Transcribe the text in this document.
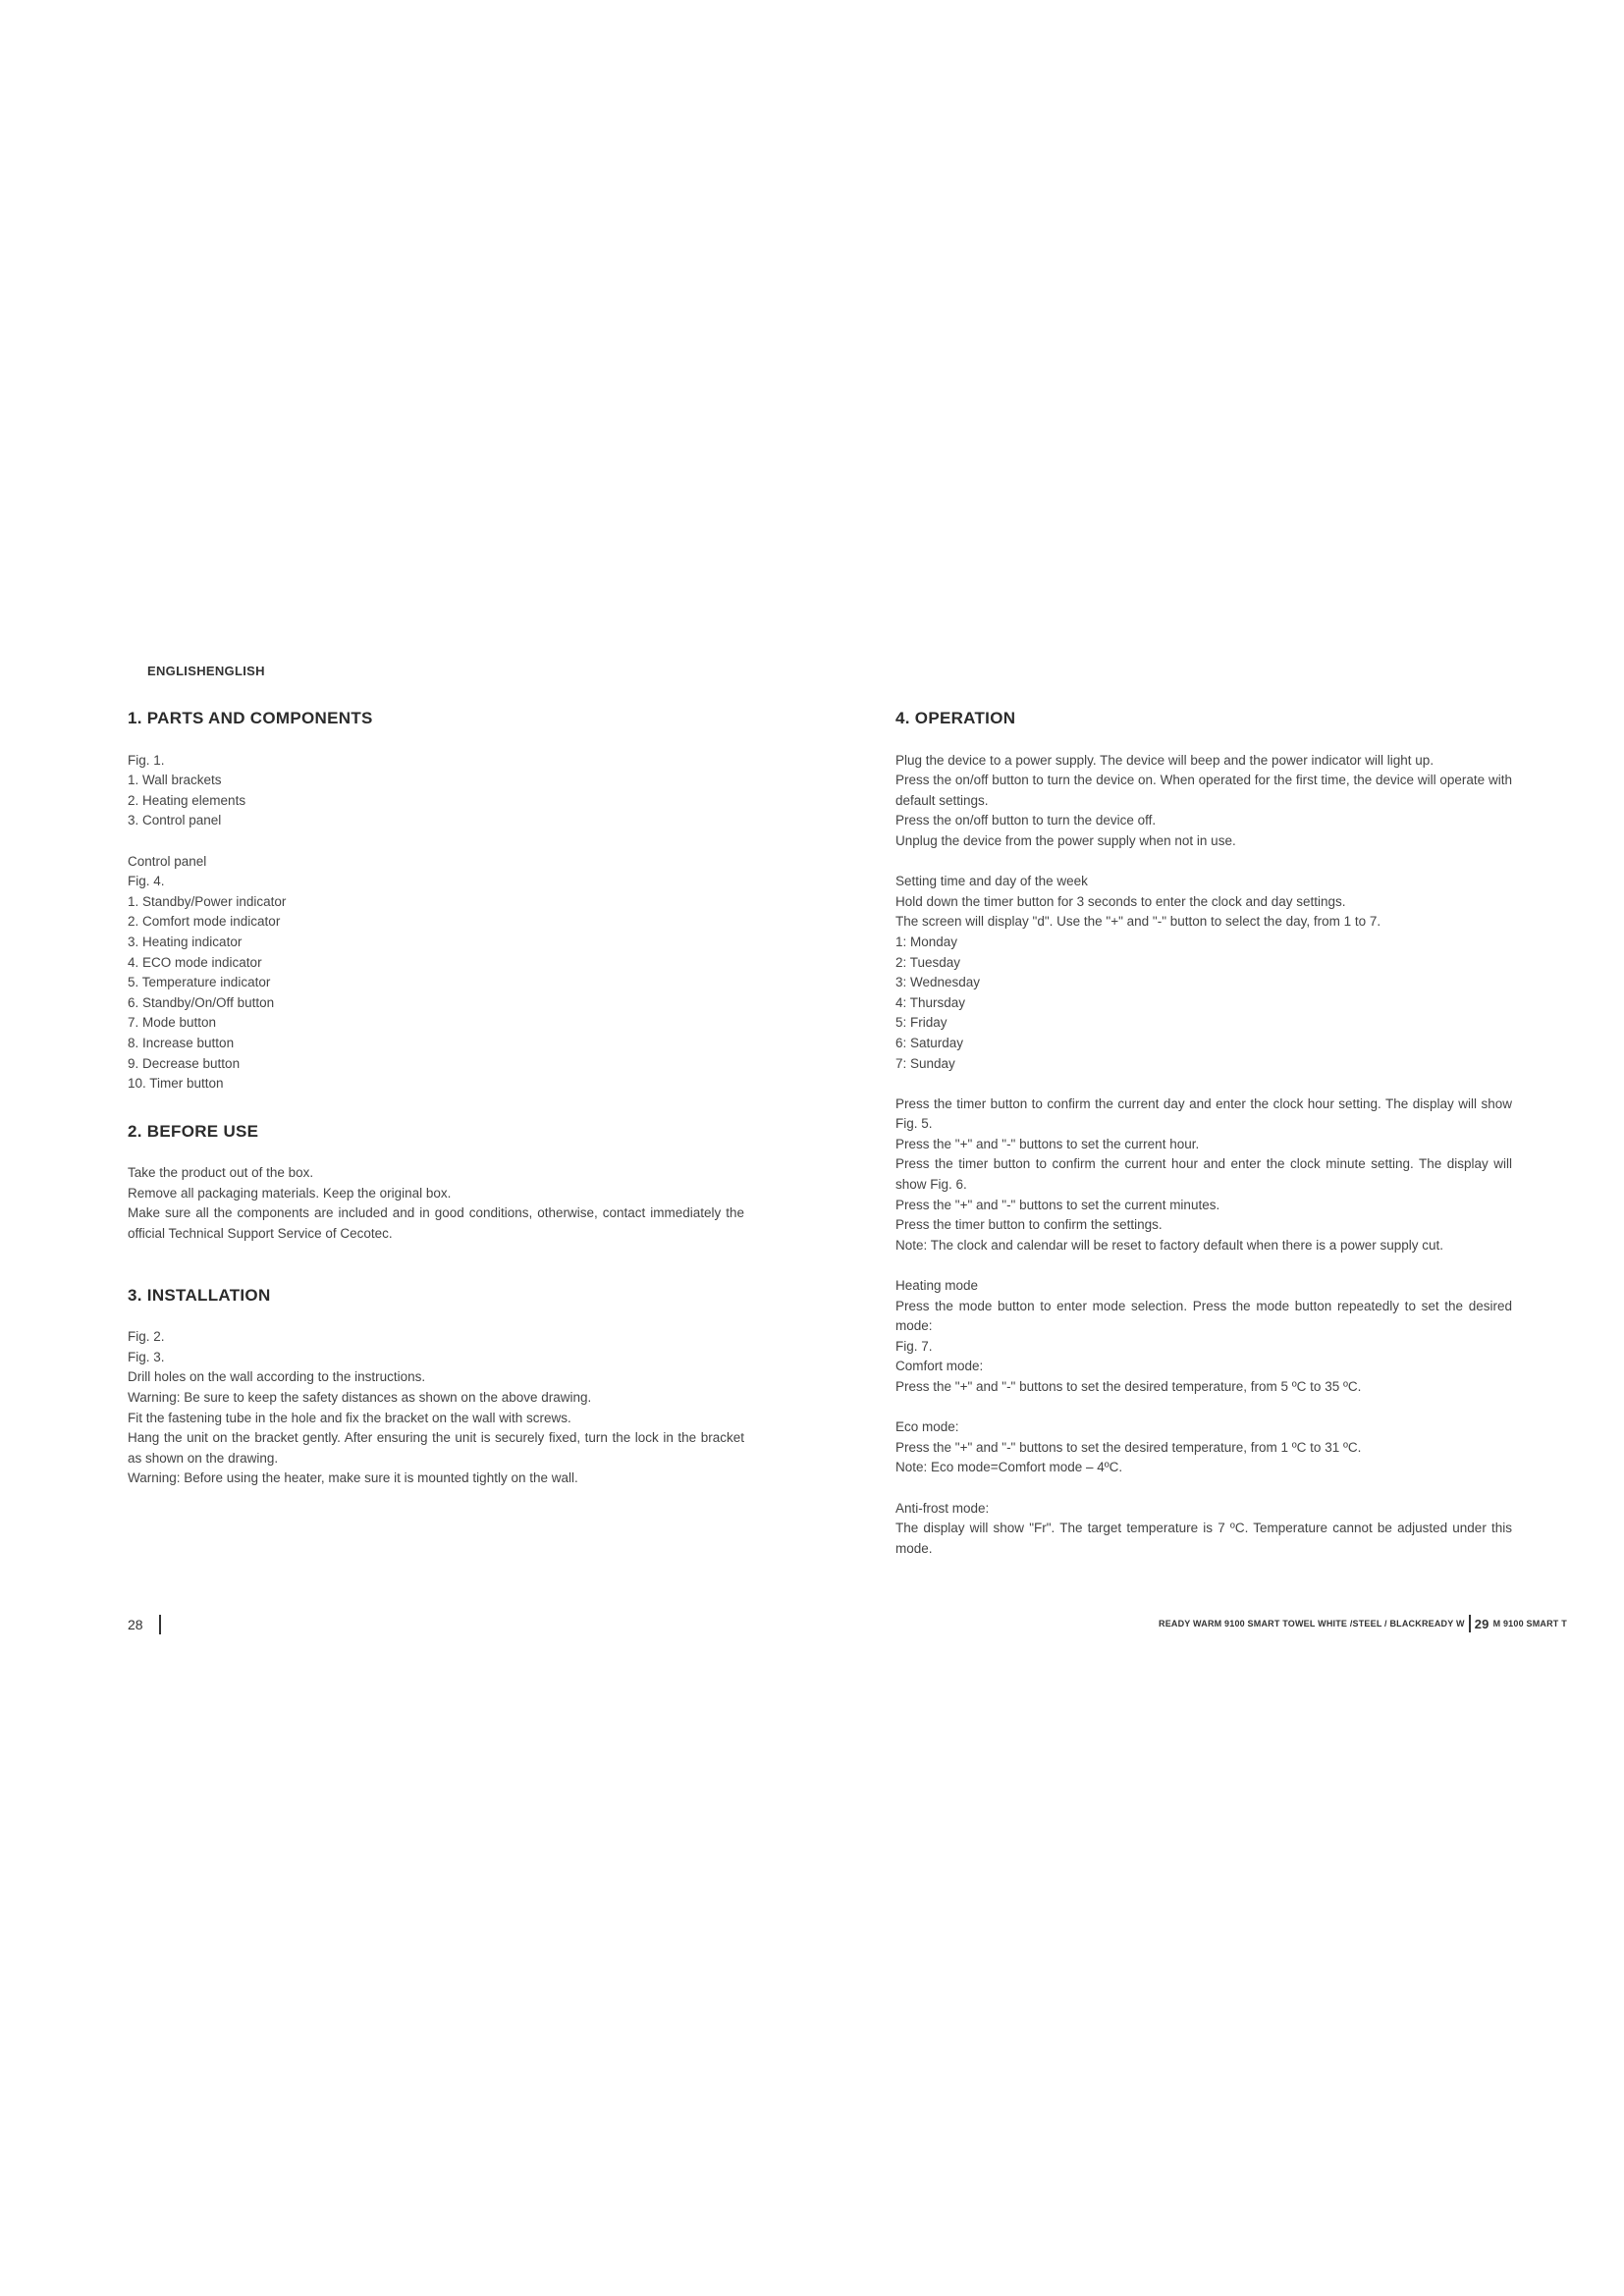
ENGLISHENGLISH
1. PARTS AND COMPONENTS
Fig. 1.
1. Wall brackets
2. Heating elements
3. Control panel
Control panel
Fig. 4.
1. Standby/Power indicator
2. Comfort mode indicator
3. Heating indicator
4. ECO mode indicator
5. Temperature indicator
6. Standby/On/Off button
7. Mode button
8. Increase button
9. Decrease button
10. Timer button
2. BEFORE USE
Take the product out of the box.
Remove all packaging materials. Keep the original box.

Make sure all the components are included and in good conditions, otherwise, contact immediately the official Technical Support Service of Cecotec.

3. INSTALLATION
Fig. 2.
Fig. 3.
Drill holes on the wall according to the instructions.
Warning: Be sure to keep the safety distances as shown on the above drawing.
Fit the fastening tube in the hole and fix the bracket on the wall with screws.

Hang the unit on the bracket gently. After ensuring the unit is securely fixed, turn the lock in the bracket as shown on the drawing.

Warning: Before using the heater, make sure it is mounted tightly on the wall.
4. OPERATION
Plug the device to a power supply. The device will beep and the power indicator will light up.

Press the on/off button to turn the device on. When operated for the first time, the device will operate with default settings.

Press the on/off button to turn the device off.
Unplug the device from the power supply when not in use.
Setting time and day of the week
Hold down the timer button for 3 seconds to enter the clock and day settings.
The screen will display "d". Use the "+" and "-" button to select the day, from 1 to 7.
1: Monday
2: Tuesday
3: Wednesday
4: Thursday
5: Friday
6: Saturday
7: Sunday

Press the timer button to confirm the current day and enter the clock hour setting. The display will show Fig. 5.

Press the "+" and "-" buttons to set the current hour.

Press the timer button to confirm the current hour and enter the clock minute setting. The display will show Fig. 6.

Press the "+" and "-" buttons to set the current minutes.
Press the timer button to confirm the settings.
Note: The clock and calendar will be reset to factory default when there is a power supply cut.
Heating mode

Press the mode button to enter mode selection. Press the mode button repeatedly to set the desired mode:

Fig. 7.
Comfort mode:
Press the "+" and "-" buttons to set the desired temperature, from 5 ºC to 35 ºC.
Eco mode:
Press the "+" and "-" buttons to set the desired temperature, from 1 ºC to 31 ºC.
Note: Eco mode=Comfort mode – 4ºC.
Anti-frost mode:

The display will show "Fr". The target temperature is 7 ºC. Temperature cannot be adjusted under this mode.

28	READY WARM 9100 SMART TOWEL WHITE /STEEL / BLACKREADY W 29 M 9100 SMART T
